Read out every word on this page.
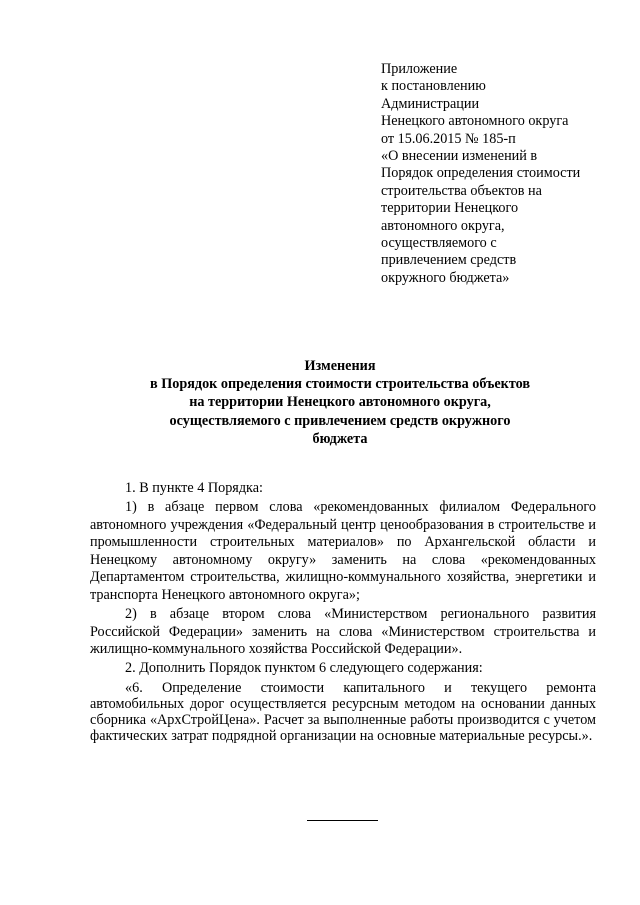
Приложение
к постановлению
Администрации
Ненецкого автономного округа
от 15.06.2015 № 185-п
«О внесении изменений в
Порядок определения стоимости
строительства объектов на
территории Ненецкого
автономного округа,
осуществляемого с
привлечением средств
окружного бюджета»
Изменения
в Порядок определения стоимости строительства объектов
на территории Ненецкого автономного округа,
осуществляемого с привлечением средств окружного
бюджета

1. В пункте 4 Порядка:

1) в абзаце первом слова «рекомендованных филиалом Федерального автономного учреждения «Федеральный центр ценообразования в строительстве и промышленности строительных материалов» по Архангельской области и Ненецкому автономному округу» заменить на слова «рекомендованных Департаментом строительства, жилищно-коммунального хозяйства, энергетики и транспорта Ненецкого автономного округа»;

2) в абзаце втором слова «Министерством регионального развития Российской Федерации» заменить на слова «Министерством строительства и жилищно-коммунального хозяйства Российской Федерации».

2. Дополнить Порядок пунктом 6 следующего содержания:

«6. Определение стоимости капитального и текущего ремонта автомобильных дорог осуществляется ресурсным методом на основании данных сборника «АрхСтройЦена». Расчет за выполненные работы производится с учетом фактических затрат подрядной организации на основные материальные ресурсы.».
